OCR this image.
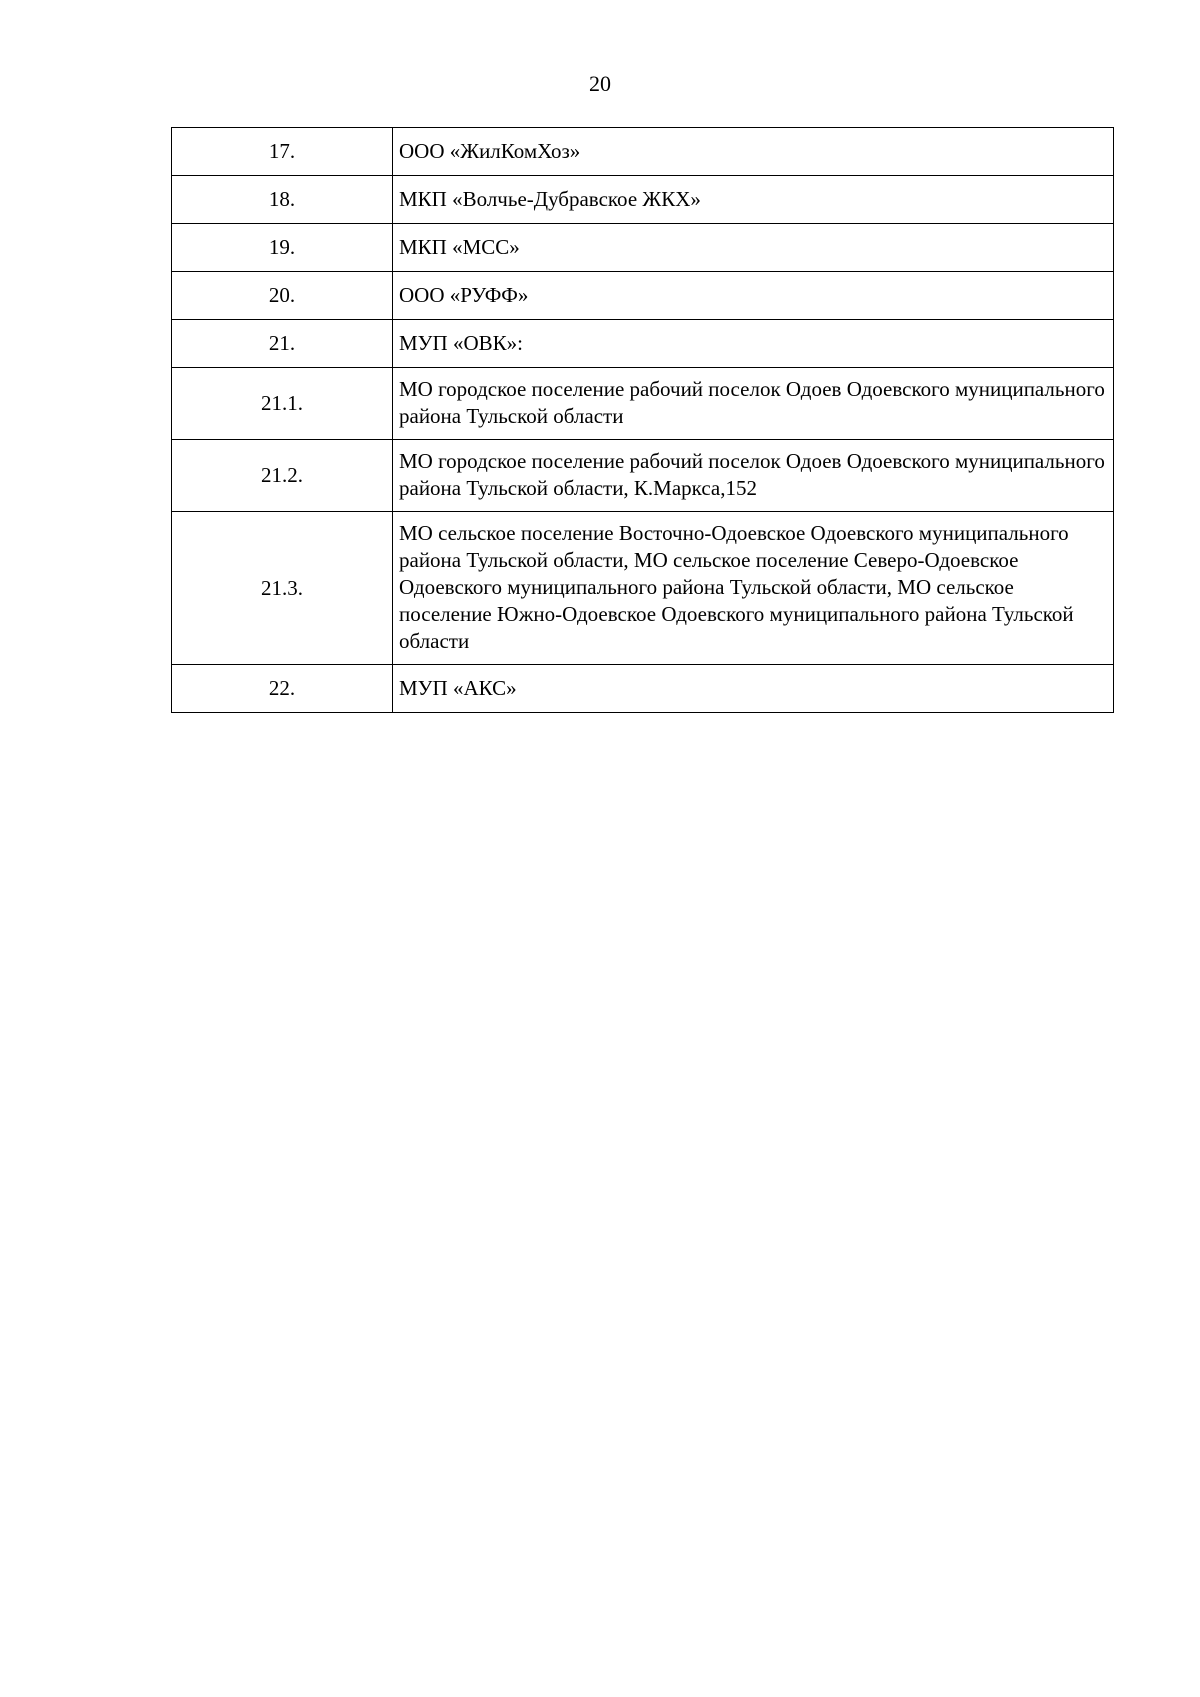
20
17.	ООО «ЖилКомХоз»
18.	МКП «Волчье-Дубравское ЖКХ»
19.	МКП «МСС»
20.	ООО «РУФФ»
21.	МУП «ОВК»:
21.1.	МО городское поселение рабочий поселок Одоев Одоевского муниципального района Тульской области
21.2.	МО городское поселение рабочий поселок Одоев Одоевского муниципального района Тульской области, К.Маркса,152
21.3.	МО сельское поселение Восточно-Одоевское Одоевского муниципального района Тульской области, МО сельское поселение Северо-Одоевское Одоевского муниципального района Тульской области, МО сельское поселение Южно-Одоевское Одоевского муниципального района Тульской области
22.	МУП «АКС»
